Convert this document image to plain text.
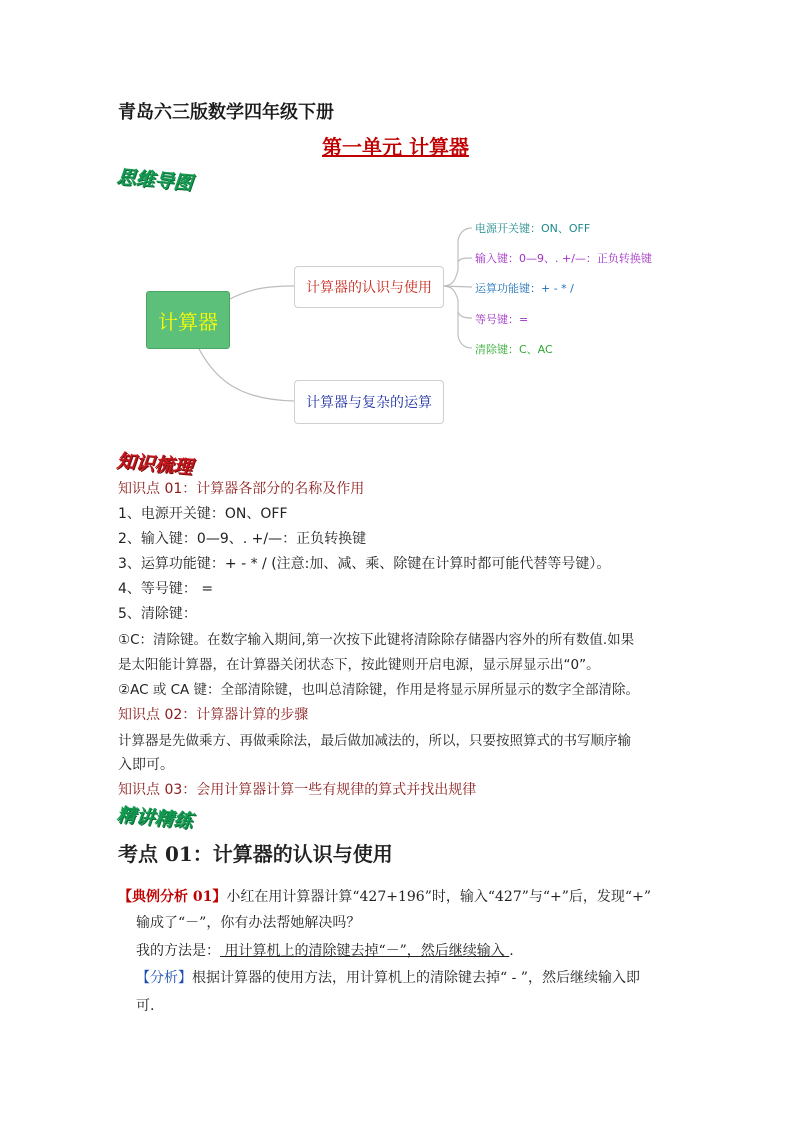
青岛六三版数学四年级下册
第一单元 计算器
思维导图
计算器
计算器的认识与使用
计算器与复杂的运算
电源开关键：ON、OFF
输入键：0—9、. +/—：正负转换键
运算功能键：+ - * /
等号键：=
清除键：C、AC
知识梳理
知识点 01：计算器各部分的名称及作用
1、电源开关键：ON、OFF
2、输入键：0—9、. +/—：正负转换键
3、运算功能键：+ - * / (注意:加、减、乘、除键在计算时都可能代替等号键）。
4、等号键： =
5、清除键：
①C：清除键。在数字输入期间,第一次按下此键将清除除存储器内容外的所有数值.如果
是太阳能计算器，在计算器关闭状态下，按此键则开启电源，显示屏显示出“0”。
②AC 或 CA 键：全部清除键，也叫总清除键，作用是将显示屏所显示的数字全部清除。
知识点 02：计算器计算的步骤
计算器是先做乘方、再做乘除法，最后做加减法的，所以，只要按照算式的书写顺序输
入即可。
知识点 03：会用计算器计算一些有规律的算式并找出规律
精讲精练
考点 01：计算器的认识与使用
【典例分析 01】小红在用计算器计算“427+196”时，输入“427”与“+”后，发现“+”
输成了“－”，你有办法帮她解决吗？
我的方法是： 用计算机上的清除键去掉“－”，然后继续输入 .
【分析】根据计算器的使用方法，用计算机上的清除键去掉“ - ”，然后继续输入即
可.
